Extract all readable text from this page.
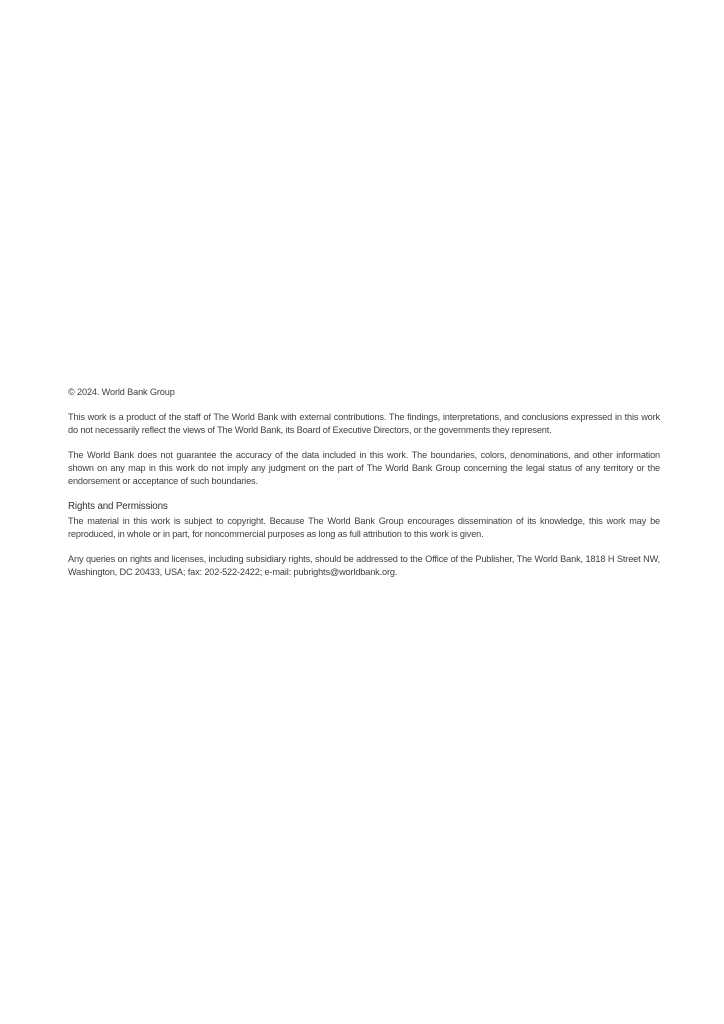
© 2024. World Bank Group

This work is a product of the staff of The World Bank with external contributions. The findings, interpretations, and conclusions expressed in this work do not necessarily reflect the views of The World Bank, its Board of Executive Directors, or the governments they represent.

The World Bank does not guarantee the accuracy of the data included in this work. The boundaries, colors, denominations, and other information shown on any map in this work do not imply any judgment on the part of The World Bank Group concerning the legal status of any territory or the endorsement or acceptance of such boundaries.

Rights and Permissions

The material in this work is subject to copyright. Because The World Bank Group encourages dissemination of its knowledge, this work may be reproduced, in whole or in part, for noncommercial purposes as long as full attribution to this work is given.

Any queries on rights and licenses, including subsidiary rights, should be addressed to the Office of the Publisher, The World Bank, 1818 H Street NW, Washington, DC 20433, USA; fax: 202-522-2422; e-mail: pubrights@worldbank.org.
